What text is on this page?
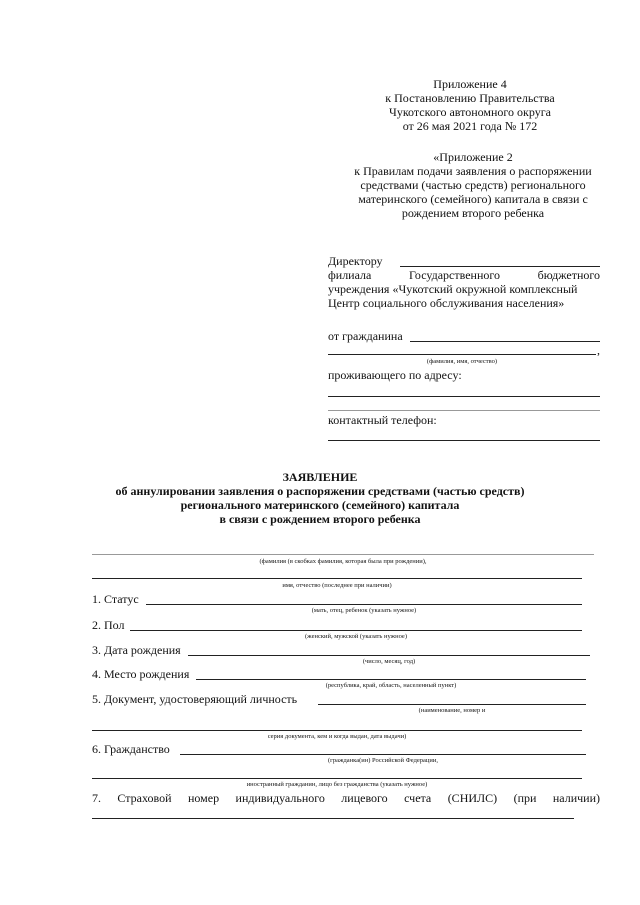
Приложение 4
к Постановлению Правительства
Чукотского автономного округа
от 26 мая 2021 года № 172
«Приложение 2
к Правилам подачи заявления о распоряжении
средствами (частью средств) регионального
материнского (семейного) капитала в связи с
рождением второго ребенка
Директору
филиала Государственного бюджетного
учреждения «Чукотский окружной комплексный
Центр социального обслуживания населения»
от гражданина
,
(фамилия, имя, отчество)
проживающего по адресу:
контактный телефон:
ЗАЯВЛЕНИЕ
об аннулировании заявления о распоряжении средствами (частью средств)
регионального материнского (семейного) капитала
в связи с рождением второго ребенка
(фамилия (в скобках фамилия, которая была при рождении),
имя, отчество (последнее при наличии)
1. Статус
(мать, отец, ребенок (указать нужное)
2. Пол
(женский, мужской (указать нужное)
3. Дата рождения
(число, месяц, год)
4. Место рождения
(республика, край, область, населенный пункт)
5. Документ, удостоверяющий личность
(наименование, номер и
серия документа, кем и когда выдан, дата выдачи)
6. Гражданство
(гражданка(ин) Российской Федерации,
иностранный гражданин, лицо без гражданства (указать нужное)
7. Страховой номер индивидуального лицевого счета (СНИЛС) (при наличии)
